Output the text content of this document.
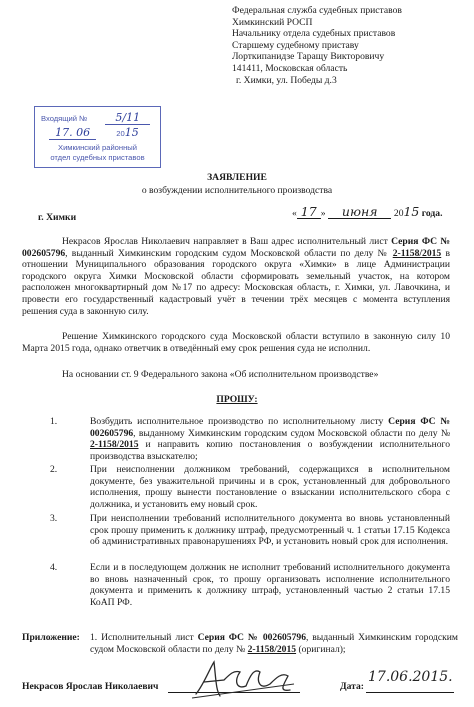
Федеральная служба судебных приставов
Химкинский РОСП
Начальнику отдела судебных приставов
Старшему судебному приставу
Лорткипанидзе Таращу Викторовичу
141411, Московская область
г. Химки, ул. Победы д.3
Входящий №	5/11
17. 06	2015
Химкинский районный
отдел судебных приставов
ЗАЯВЛЕНИЕ
о возбуждении исполнительного производства
г. Химки	« 17 » июня 2015 года.
Некрасов Ярослав Николаевич направляет в Ваш адрес исполнительный лист Серия ФС № 002605796, выданный Химкинским городским судом Московской области по делу № 2-1158/2015 в отношении Муниципального образования городского округа «Химки» в лице Администрации городского округа Химки Московской области сформировать земельный участок, на котором расположен многоквартирный дом №17 по адресу: Московская область, г. Химки, ул. Лавочкина, и провести его государственный кадастровый учёт в течении трёх месяцев с момента вступления решения суда в законную силу.
Решение Химкинского городского суда Московской области вступило в законную силу 10 Марта 2015 года, однако ответчик в отведённый ему срок решения суда не исполнил.
На основании ст. 9 Федерального закона «Об исполнительном производстве»
ПРОШУ:
1.	Возбудить исполнительное производство по исполнительному листу Серия ФС № 002605796, выданному Химкинским городским судом Московской области по делу № 2-1158/2015 и направить копию постановления о возбуждении исполнительного производства взыскателю;
2.	При неисполнении должником требований, содержащихся в исполнительном документе, без уважительной причины и в срок, установленный для добровольного исполнения, прошу вынести постановление о взыскании исполнительского сбора с должника, и установить ему новый срок.
3.	При неисполнении требований исполнительного документа во вновь установленный срок прошу применить к должнику штраф, предусмотренный ч. 1 статьи 17.15 Кодекса об административных правонарушениях РФ, и установить новый срок для исполнения.
4.	Если и в последующем должник не исполнит требований исполнительного документа во вновь назначенный срок, то прошу организовать исполнение исполнительного документа и применить к должнику штраф, установленный частью 2 статьи 17.15 КоАП РФ.
Приложение: 1. Исполнительный лист Серия ФС № 002605796, выданный Химкинским городским судом Московской области по делу № 2-1158/2015 (оригинал);
Некрасов Ярослав Николаевич	Дата:
17.06.2015.
